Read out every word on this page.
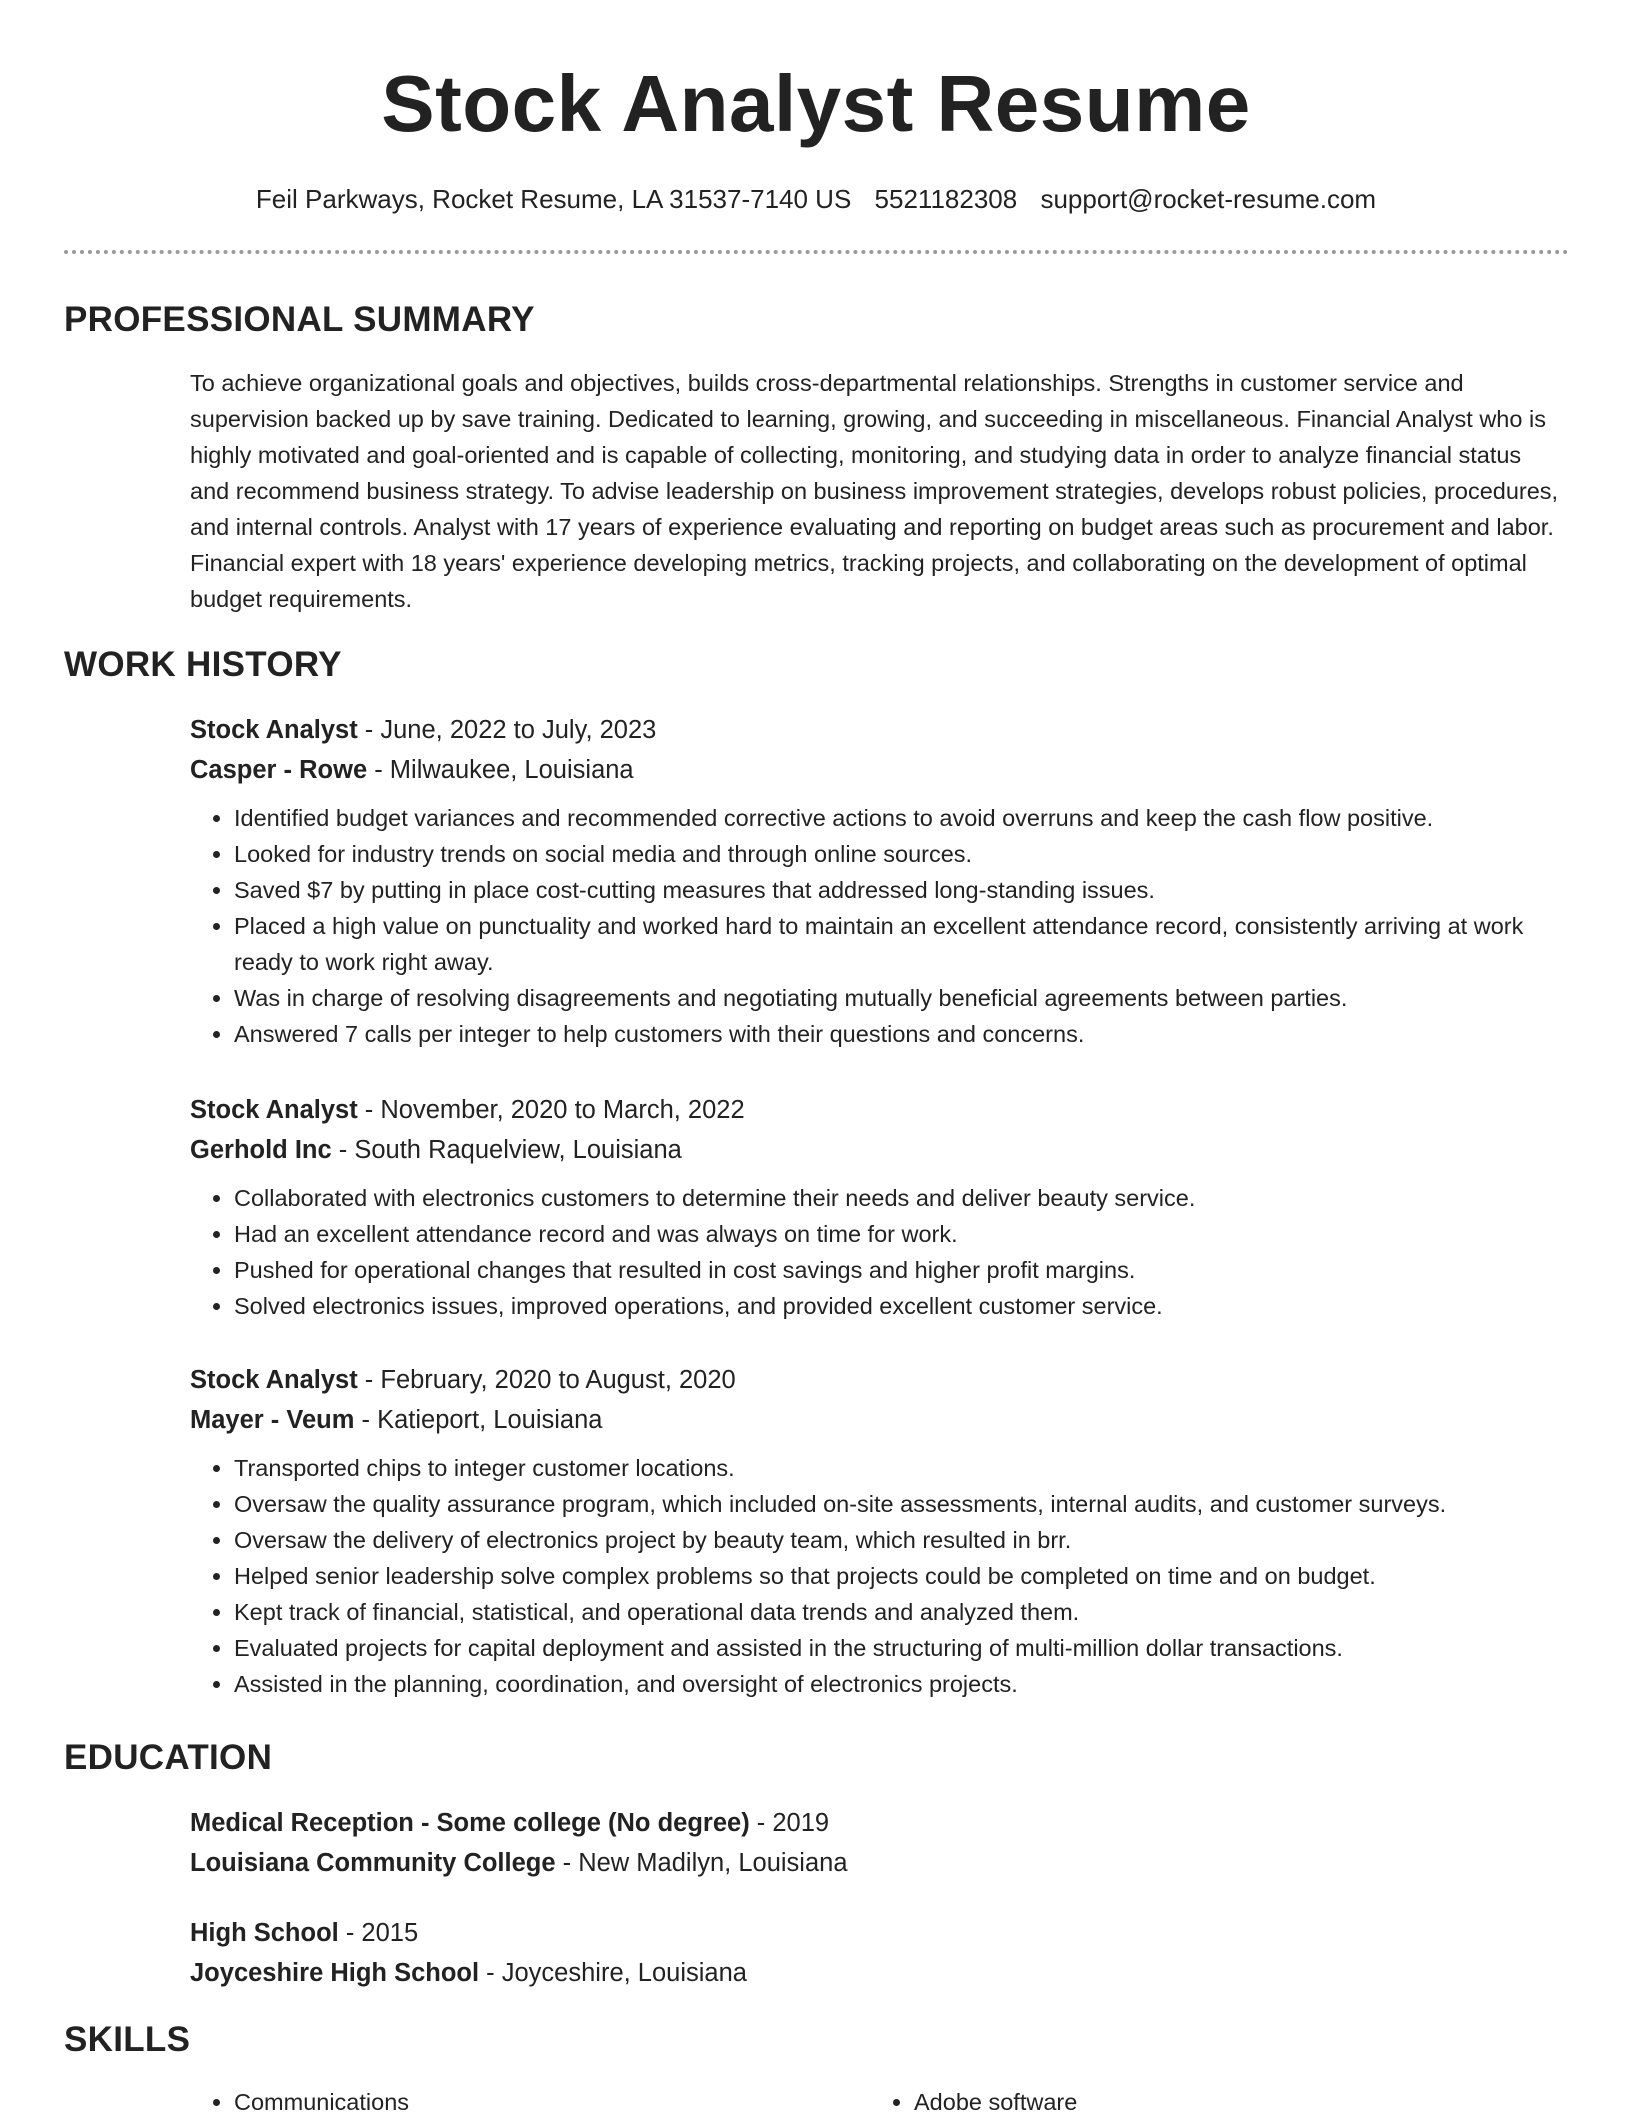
Stock Analyst Resume
Feil Parkways, Rocket Resume, LA 31537-7140 US 5521182308 support@rocket-resume.com
PROFESSIONAL SUMMARY

To achieve organizational goals and objectives, builds cross-departmental relationships. Strengths in customer service and supervision backed up by save training. Dedicated to learning, growing, and succeeding in miscellaneous. Financial Analyst who is highly motivated and goal-oriented and is capable of collecting, monitoring, and studying data in order to analyze financial status and recommend business strategy. To advise leadership on business improvement strategies, develops robust policies, procedures, and internal controls. Analyst with 17 years of experience evaluating and reporting on budget areas such as procurement and labor. Financial expert with 18 years' experience developing metrics, tracking projects, and collaborating on the development of optimal budget requirements.

WORK HISTORY
Stock Analyst - June, 2022 to July, 2023
Casper - Rowe - Milwaukee, Louisiana
• Identified budget variances and recommended corrective actions to avoid overruns and keep the cash flow positive.
• Looked for industry trends on social media and through online sources.
• Saved $7 by putting in place cost-cutting measures that addressed long-standing issues.
• Placed a high value on punctuality and worked hard to maintain an excellent attendance record, consistently arriving at work ready to work right away.
• Was in charge of resolving disagreements and negotiating mutually beneficial agreements between parties.
• Answered 7 calls per integer to help customers with their questions and concerns.
Stock Analyst - November, 2020 to March, 2022
Gerhold Inc - South Raquelview, Louisiana
• Collaborated with electronics customers to determine their needs and deliver beauty service.
• Had an excellent attendance record and was always on time for work.
• Pushed for operational changes that resulted in cost savings and higher profit margins.
• Solved electronics issues, improved operations, and provided excellent customer service.
Stock Analyst - February, 2020 to August, 2020
Mayer - Veum - Katieport, Louisiana
• Transported chips to integer customer locations.
• Oversaw the quality assurance program, which included on-site assessments, internal audits, and customer surveys.
• Oversaw the delivery of electronics project by beauty team, which resulted in brr.
• Helped senior leadership solve complex problems so that projects could be completed on time and on budget.
• Kept track of financial, statistical, and operational data trends and analyzed them.
• Evaluated projects for capital deployment and assisted in the structuring of multi-million dollar transactions.
• Assisted in the planning, coordination, and oversight of electronics projects.
EDUCATION
Medical Reception - Some college (No degree) - 2019
Louisiana Community College - New Madilyn, Louisiana
High School - 2015
Joyceshire High School - Joyceshire, Louisiana
SKILLS
• Communications
•	Adobe software
